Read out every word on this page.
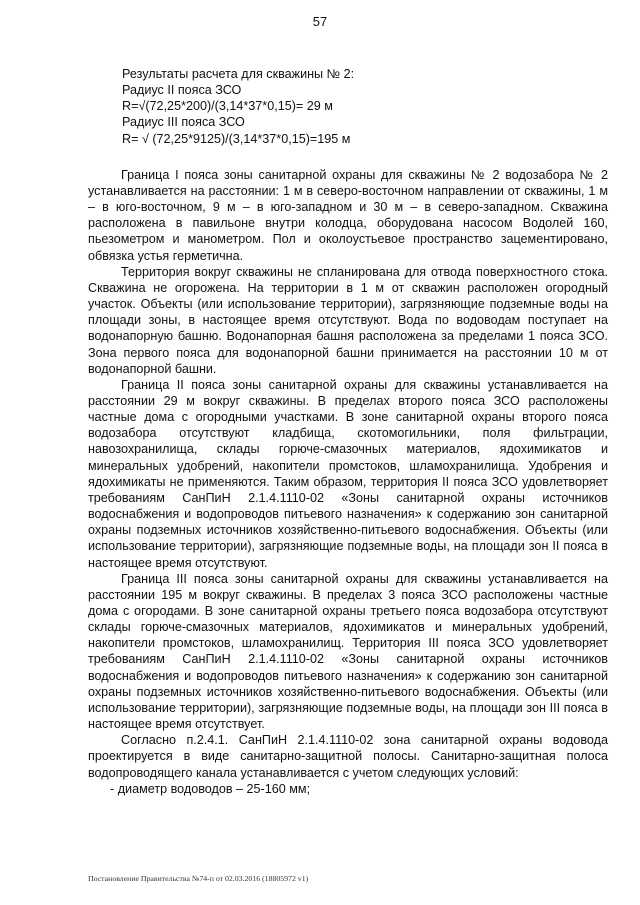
57
Результаты расчета для скважины № 2:
Радиус II пояса ЗСО
R=√(72,25*200)/(3,14*37*0,15)= 29 м
Радиус III пояса ЗСО
R= √ (72,25*9125)/(3,14*37*0,15)=195 м

Граница I пояса зоны санитарной охраны для скважины № 2 водозабора № 2 устанавливается на расстоянии: 1 м в северо-восточном направлении от скважины, 1 м – в юго-восточном, 9 м – в юго-западном и 30 м – в северо-западном. Скважина расположена в павильоне внутри колодца, оборудована насосом Водолей 160, пьезометром и манометром. Пол и околоустьевое пространство зацементировано, обвязка устья герметична.

Территория вокруг скважины не спланирована для отвода поверхностного стока. Скважина не огорожена. На территории в 1 м от скважин расположен огородный участок. Объекты (или использование территории), загрязняющие подземные воды на площади зоны, в настоящее время отсутствуют. Вода по водоводам поступает на водонапорную башню. Водонапорная башня расположена за пределами 1 пояса ЗСО. Зона первого пояса для водонапорной башни принимается на расстоянии 10 м от водонапорной башни.

Граница II пояса зоны санитарной охраны для скважины устанавливается на расстоянии 29 м вокруг скважины. В пределах второго пояса ЗСО расположены частные дома с огородными участками. В зоне санитарной охраны второго пояса водозабора отсутствуют кладбища, скотомогильники, поля фильтрации, навозохранилища, склады горюче-смазочных материалов, ядохимикатов и минеральных удобрений, накопители промстоков, шламохранилища. Удобрения и ядохимикаты не применяются. Таким образом, территория II пояса ЗСО удовлетворяет требованиям СанПиН 2.1.4.1110-02 «Зоны санитарной охраны источников водоснабжения и водопроводов питьевого назначения» к содержанию зон санитарной охраны подземных источников хозяйственно-питьевого водоснабжения. Объекты (или использование территории), загрязняющие подземные воды, на площади зон II пояса в настоящее время отсутствуют.

Граница III пояса зоны санитарной охраны для скважины устанавливается на расстоянии 195 м вокруг скважины. В пределах 3 пояса ЗСО расположены частные дома с огородами. В зоне санитарной охраны третьего пояса водозабора отсутствуют склады горюче-смазочных материалов, ядохимикатов и минеральных удобрений, накопители промстоков, шламохранилищ. Территория III пояса ЗСО удовлетворяет требованиям СанПиН 2.1.4.1110-02 «Зоны санитарной охраны источников водоснабжения и водопроводов питьевого назначения» к содержанию зон санитарной охраны подземных источников хозяйственно-питьевого водоснабжения. Объекты (или использование территории), загрязняющие подземные воды, на площади зон III пояса в настоящее время отсутствует.

Согласно п.2.4.1. СанПиН 2.1.4.1110-02 зона санитарной охраны водовода проектируется в виде санитарно-защитной полосы. Санитарно-защитная полоса водопроводящего канала устанавливается с учетом следующих условий:

- диаметр водоводов – 25-160 мм;

Постановление Правительства №74-п от 02.03.2016 (18805972 v1)
